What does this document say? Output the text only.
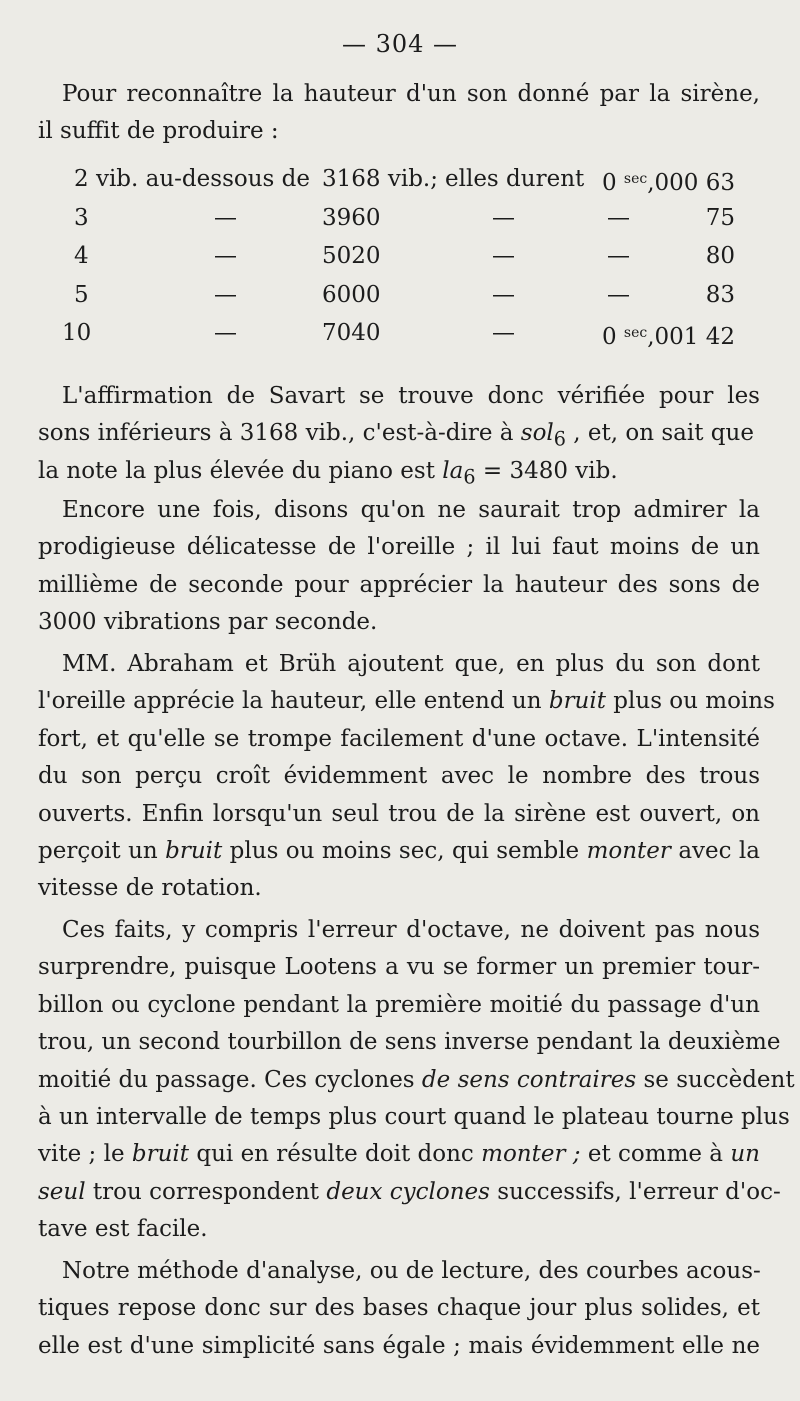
— 304 —
Pour reconnaître la hauteur d'un son donné par la sirène,
il suffit de produire :
2 vib. au-dessous de 3168 vib.; elles durent 0 $^{sec}$,000 63
3	—	3960	—	—	75
4	—	5020	—	—	80
5	—	6000	—	—	83
10	—	7040	—	0 $^{sec}$,001 42
L'affirmation de Savart se trouve donc vérifiée pour les
sons inférieurs à 3168 vib., c'est-à-dire à sol$_6$ , et, on sait que
la note la plus élevée du piano est $la_6 = 3480$ vib.
Encore une fois, disons qu'on ne saurait trop admirer la
prodigieuse délicatesse de l'oreille ; il lui faut moins de un
millième de seconde pour apprécier la hauteur des sons de
3000 vibrations par seconde.
MM. Abraham et Brüh ajoutent que, en plus du son dont
l'oreille apprécie la hauteur, elle entend un bruit plus ou moins
fort, et qu'elle se trompe facilement d'une octave. L'intensité
du son perçu croît évidemment avec le nombre des trous
ouverts. Enfin lorsqu'un seul trou de la sirène est ouvert, on
perçoit un bruit plus ou moins sec, qui semble monter avec la
vitesse de rotation.
Ces faits, y compris l'erreur d'octave, ne doivent pas nous
surprendre, puisque Lootens a vu se former un premier tour-
billon ou cyclone pendant la première moitié du passage d'un
trou, un second tourbillon de sens inverse pendant la deuxième
moitié du passage. Ces cyclones de sens contraires se succèdent
à un intervalle de temps plus court quand le plateau tourne plus
vite ; le bruit qui en résulte doit donc monter ; et comme à un
seul trou correspondent deux cyclones successifs, l'erreur d'oc-
tave est facile.
Notre méthode d'analyse, ou de lecture, des courbes acous-
tiques repose donc sur des bases chaque jour plus solides, et
elle est d'une simplicité sans égale ; mais évidemment elle ne
